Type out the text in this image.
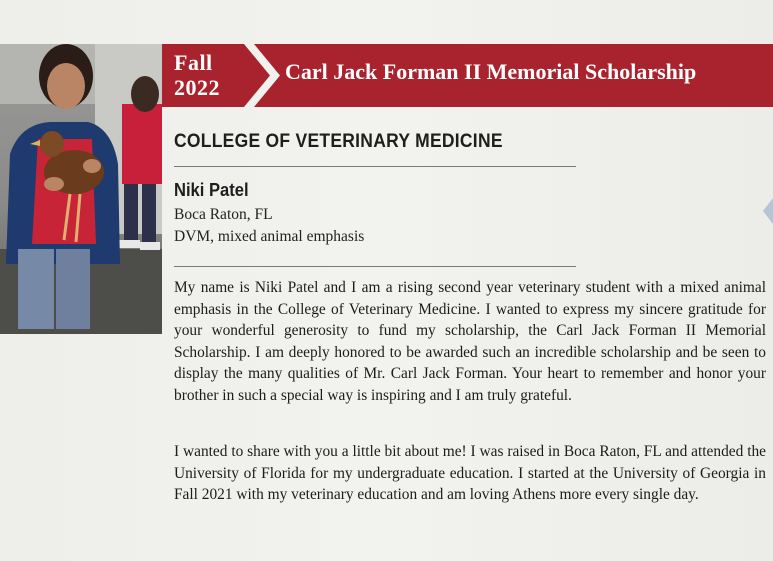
Fall
2022
Carl Jack Forman II Memorial Scholarship
COLLEGE OF VETERINARY MEDICINE
Niki Patel
Boca Raton, FL
DVM, mixed animal emphasis

My name is Niki Patel and I am a rising second year veterinary student with a mixed animal emphasis in the College of Veterinary Medicine. I wanted to express my sincere gratitude for your wonderful generosity to fund my scholarship, the Carl Jack Forman II Memorial Scholarship. I am deeply honored to be awarded such an incredible scholarship and be seen to display the many qualities of Mr. Carl Jack Forman. Your heart to remember and honor your brother in such a special way is inspiring and I am truly grateful.

I wanted to share with you a little bit about me! I was raised in Boca Raton, FL and attended the University of Florida for my undergraduate education. I started at the University of Georgia in Fall 2021 with my veterinary education and am loving Athens more every single day.
